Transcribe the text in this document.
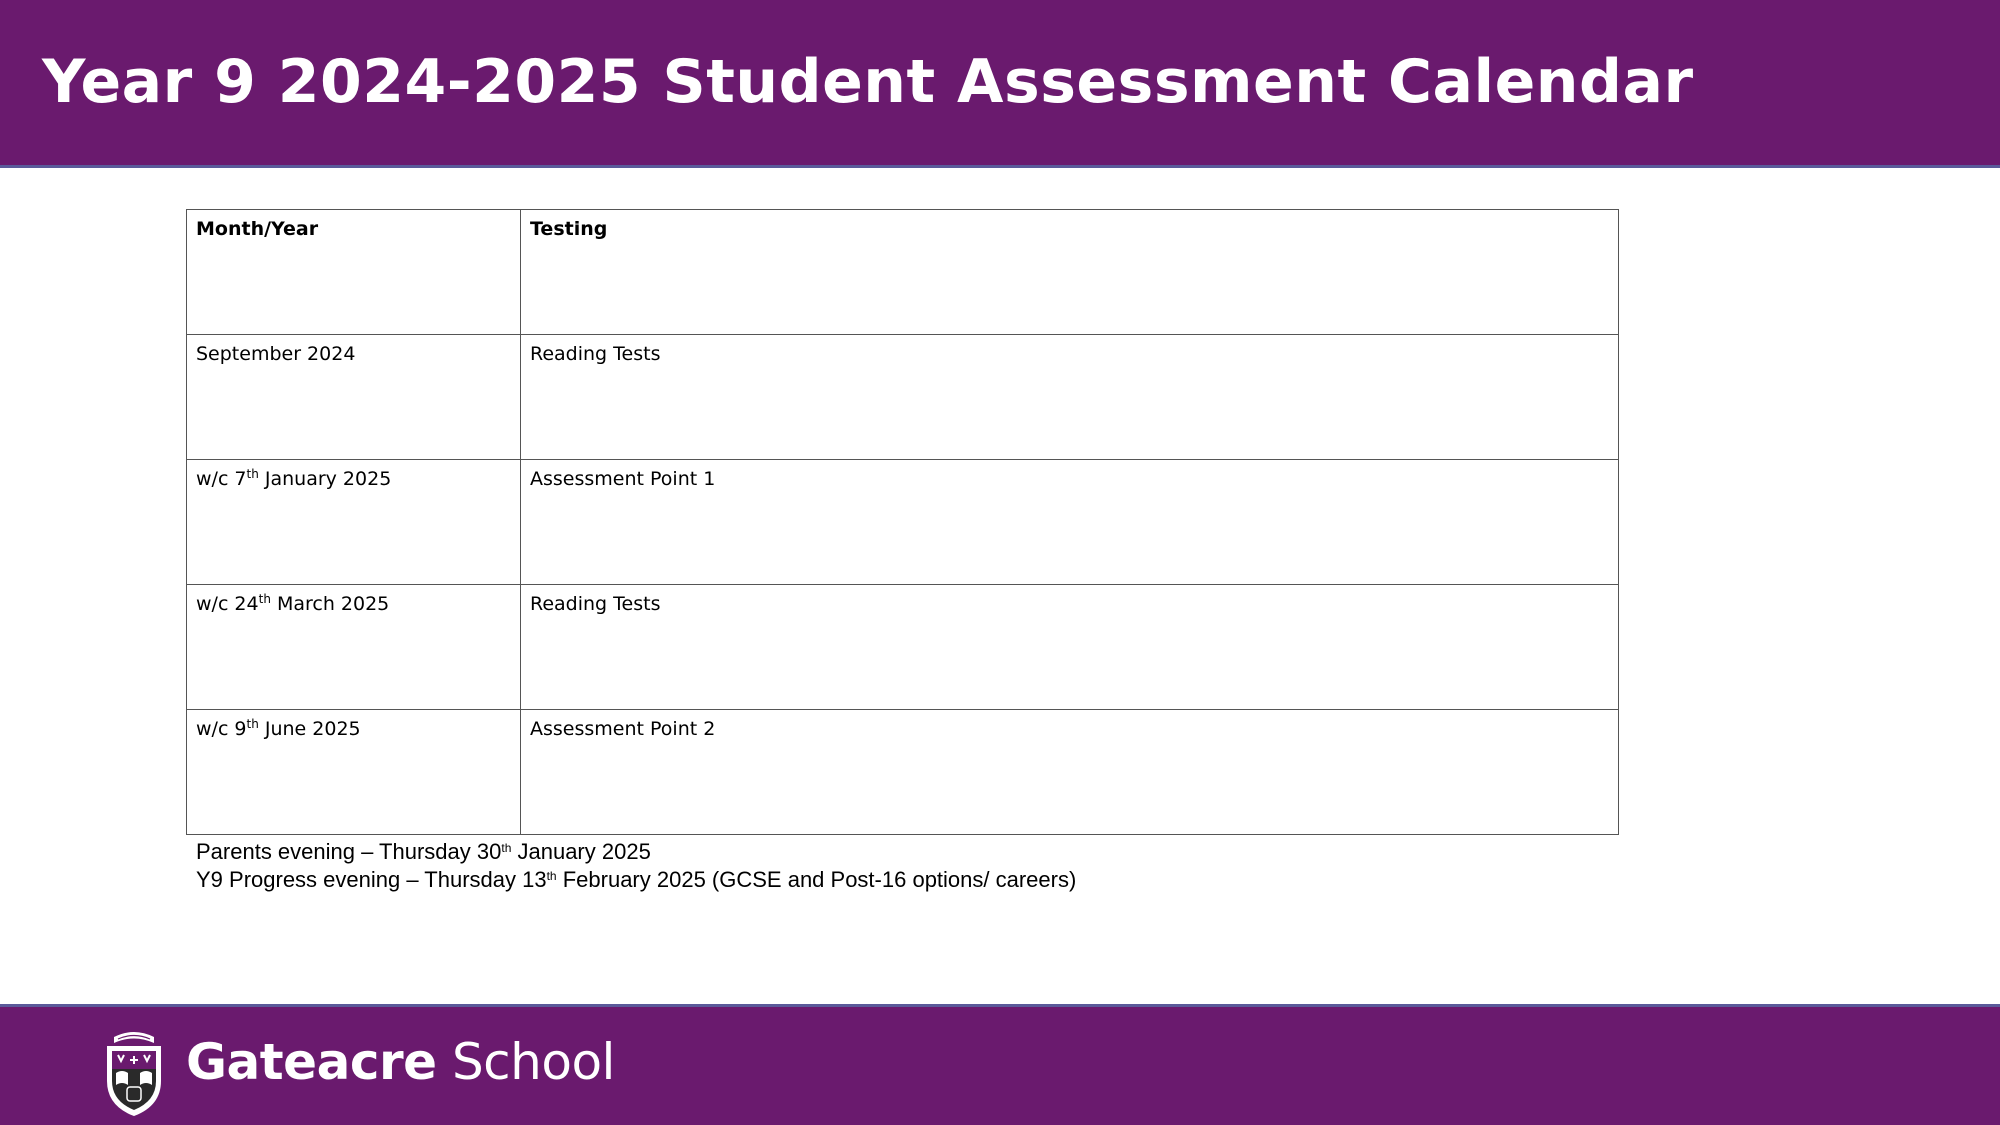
Year 9 2024-2025 Student Assessment Calendar
Month/Year	Testing
September 2024	Reading Tests
w/c 7th January 2025	Assessment Point 1
w/c 24th March 2025	Reading Tests
w/c 9th June 2025	Assessment Point 2
Parents evening – Thursday 30th January 2025
Y9 Progress evening – Thursday 13th February 2025 (GCSE and Post-16 options/ careers)
Gateacre School
